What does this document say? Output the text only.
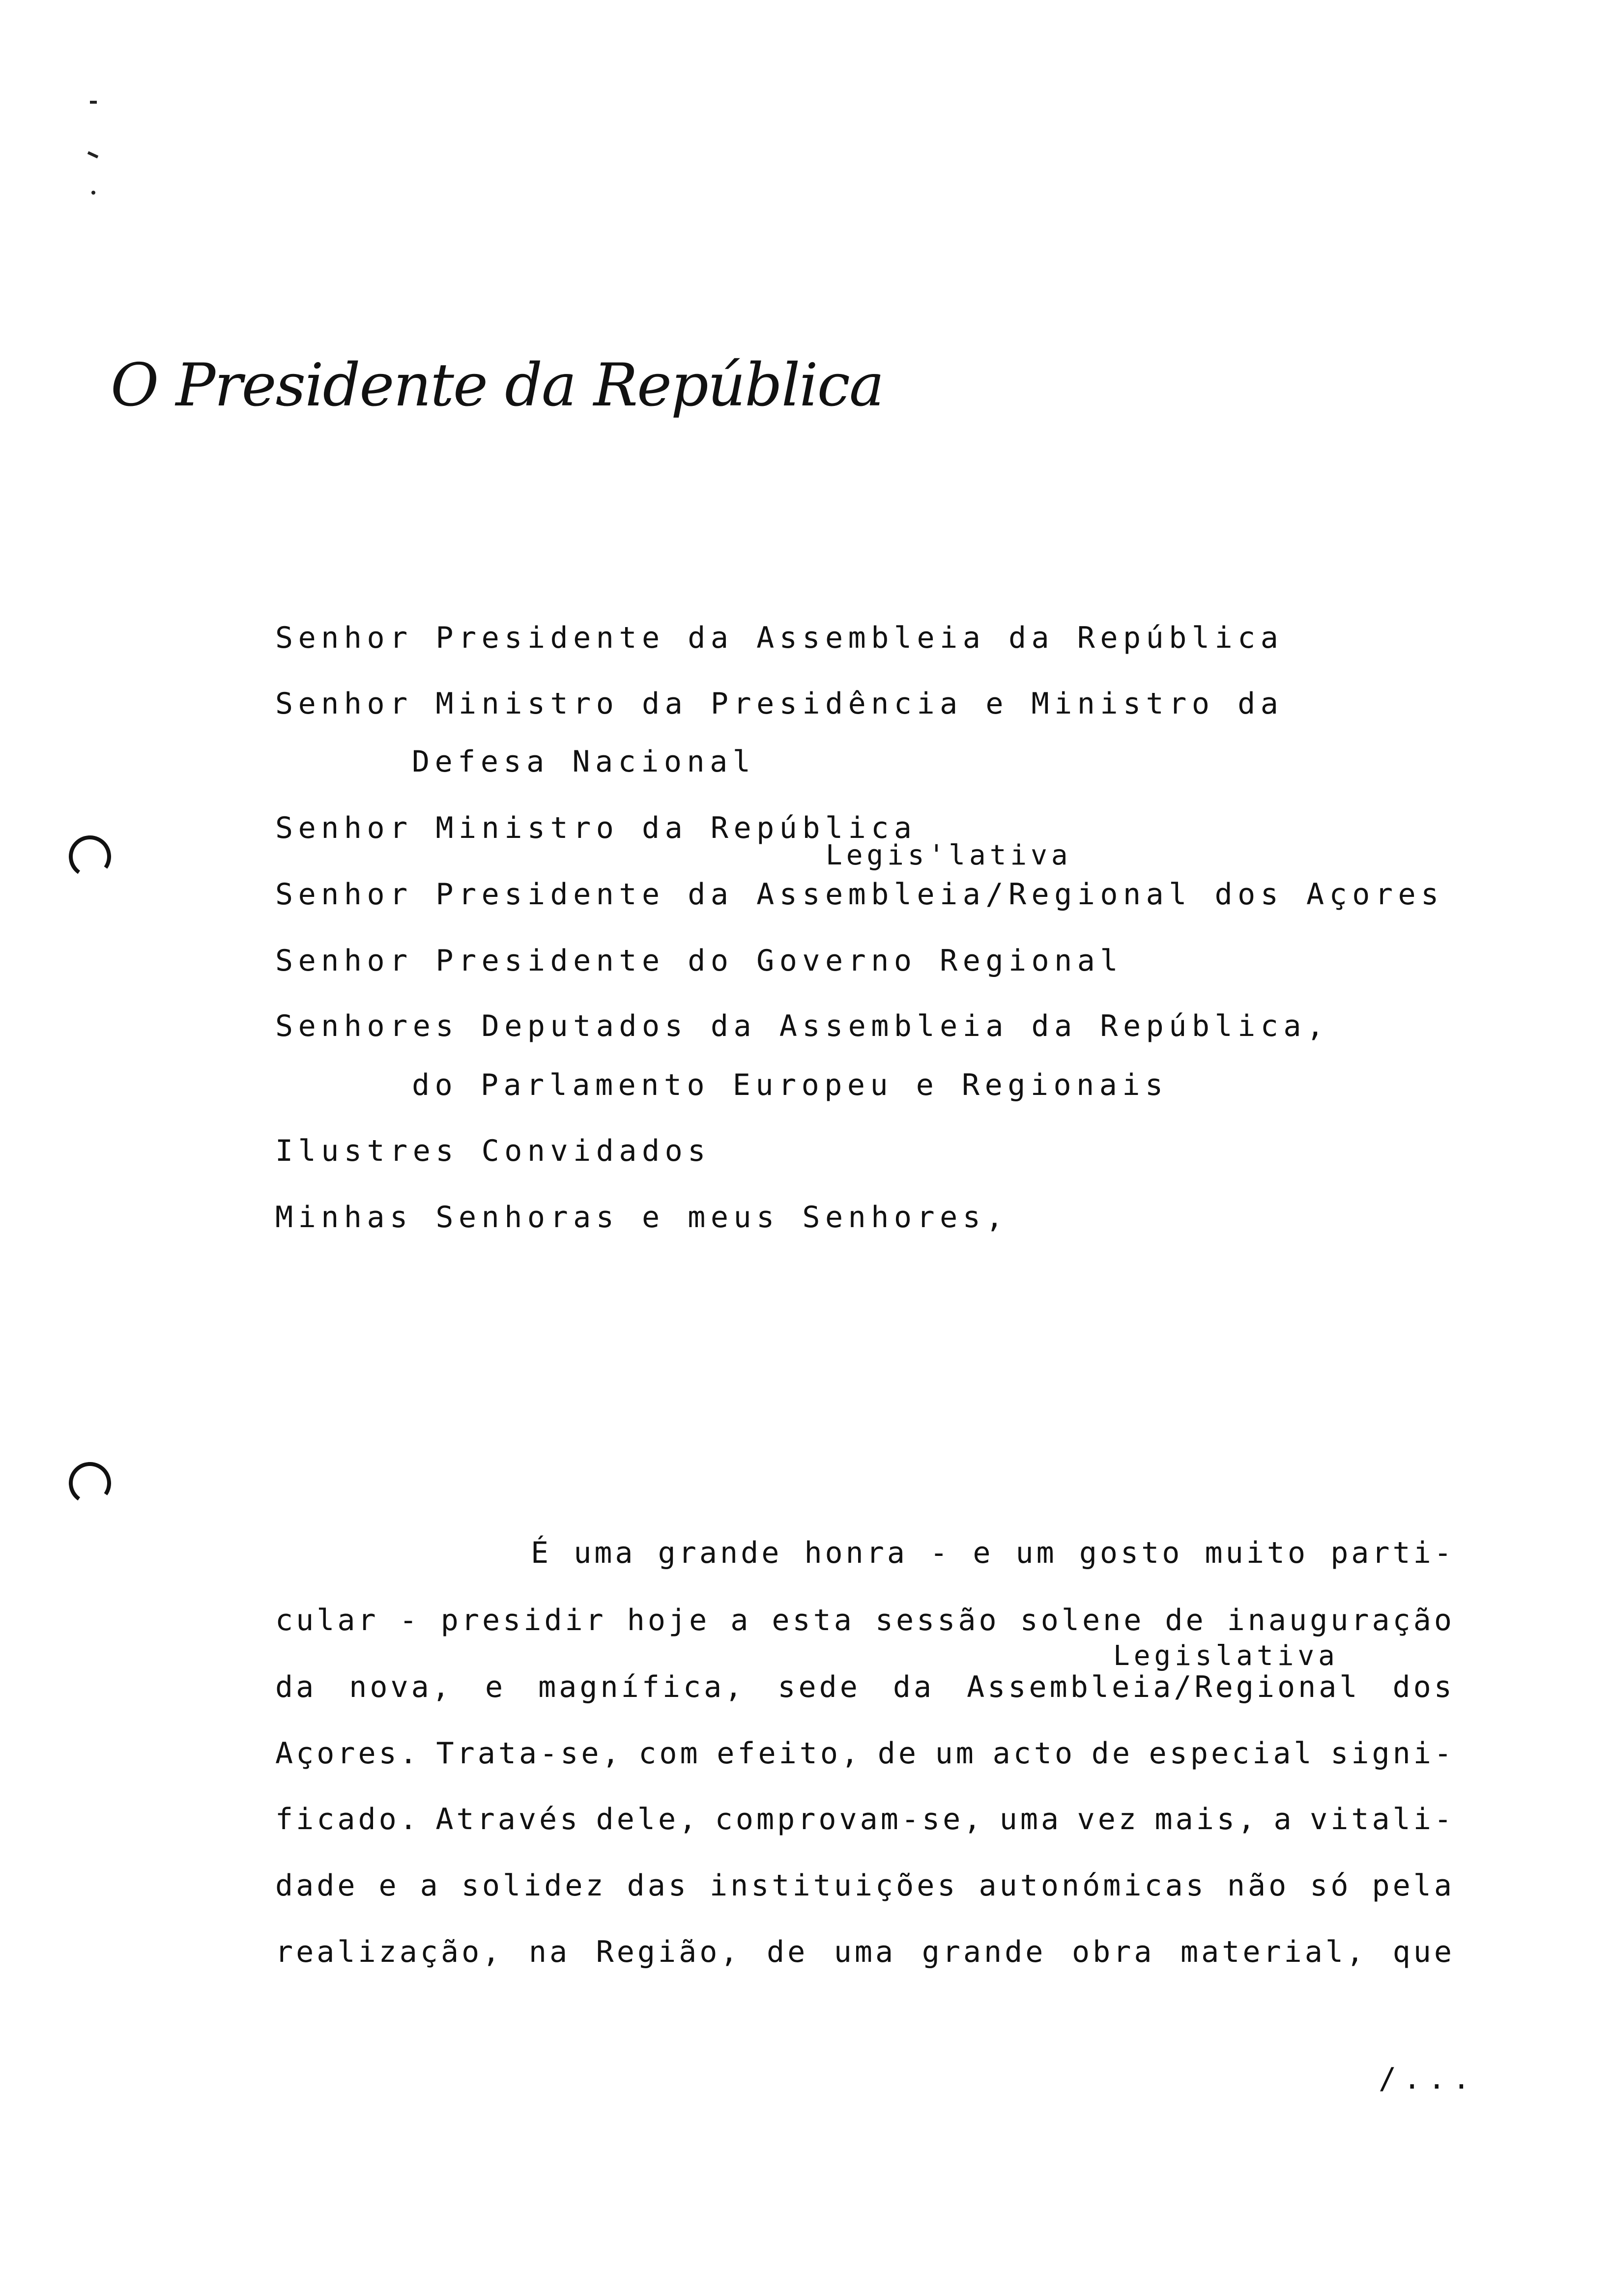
O Presidente da República
Senhor Presidente da Assembleia da República
Senhor Ministro da Presidência e Ministro da
Defesa Nacional
Senhor Ministro da República
Legis'lativa
Senhor Presidente da Assembleia/Regional dos Açores
Senhor Presidente do Governo Regional
Senhores Deputados da Assembleia da República,
do Parlamento Europeu e Regionais
Ilustres Convidados
Minhas Senhoras e meus Senhores,
É uma grande honra - e um gosto muito parti-
cular - presidir hoje a esta sessão solene de inauguração
Legislativa
da nova, e magnífica, sede da Assembleia/Regional dos
Açores. Trata-se, com efeito, de um acto de especial signi-
ficado. Através dele, comprovam-se, uma vez mais, a vitali-
dade e a solidez das instituições autonómicas não só pela
realização, na Região, de uma grande obra material, que
/...
